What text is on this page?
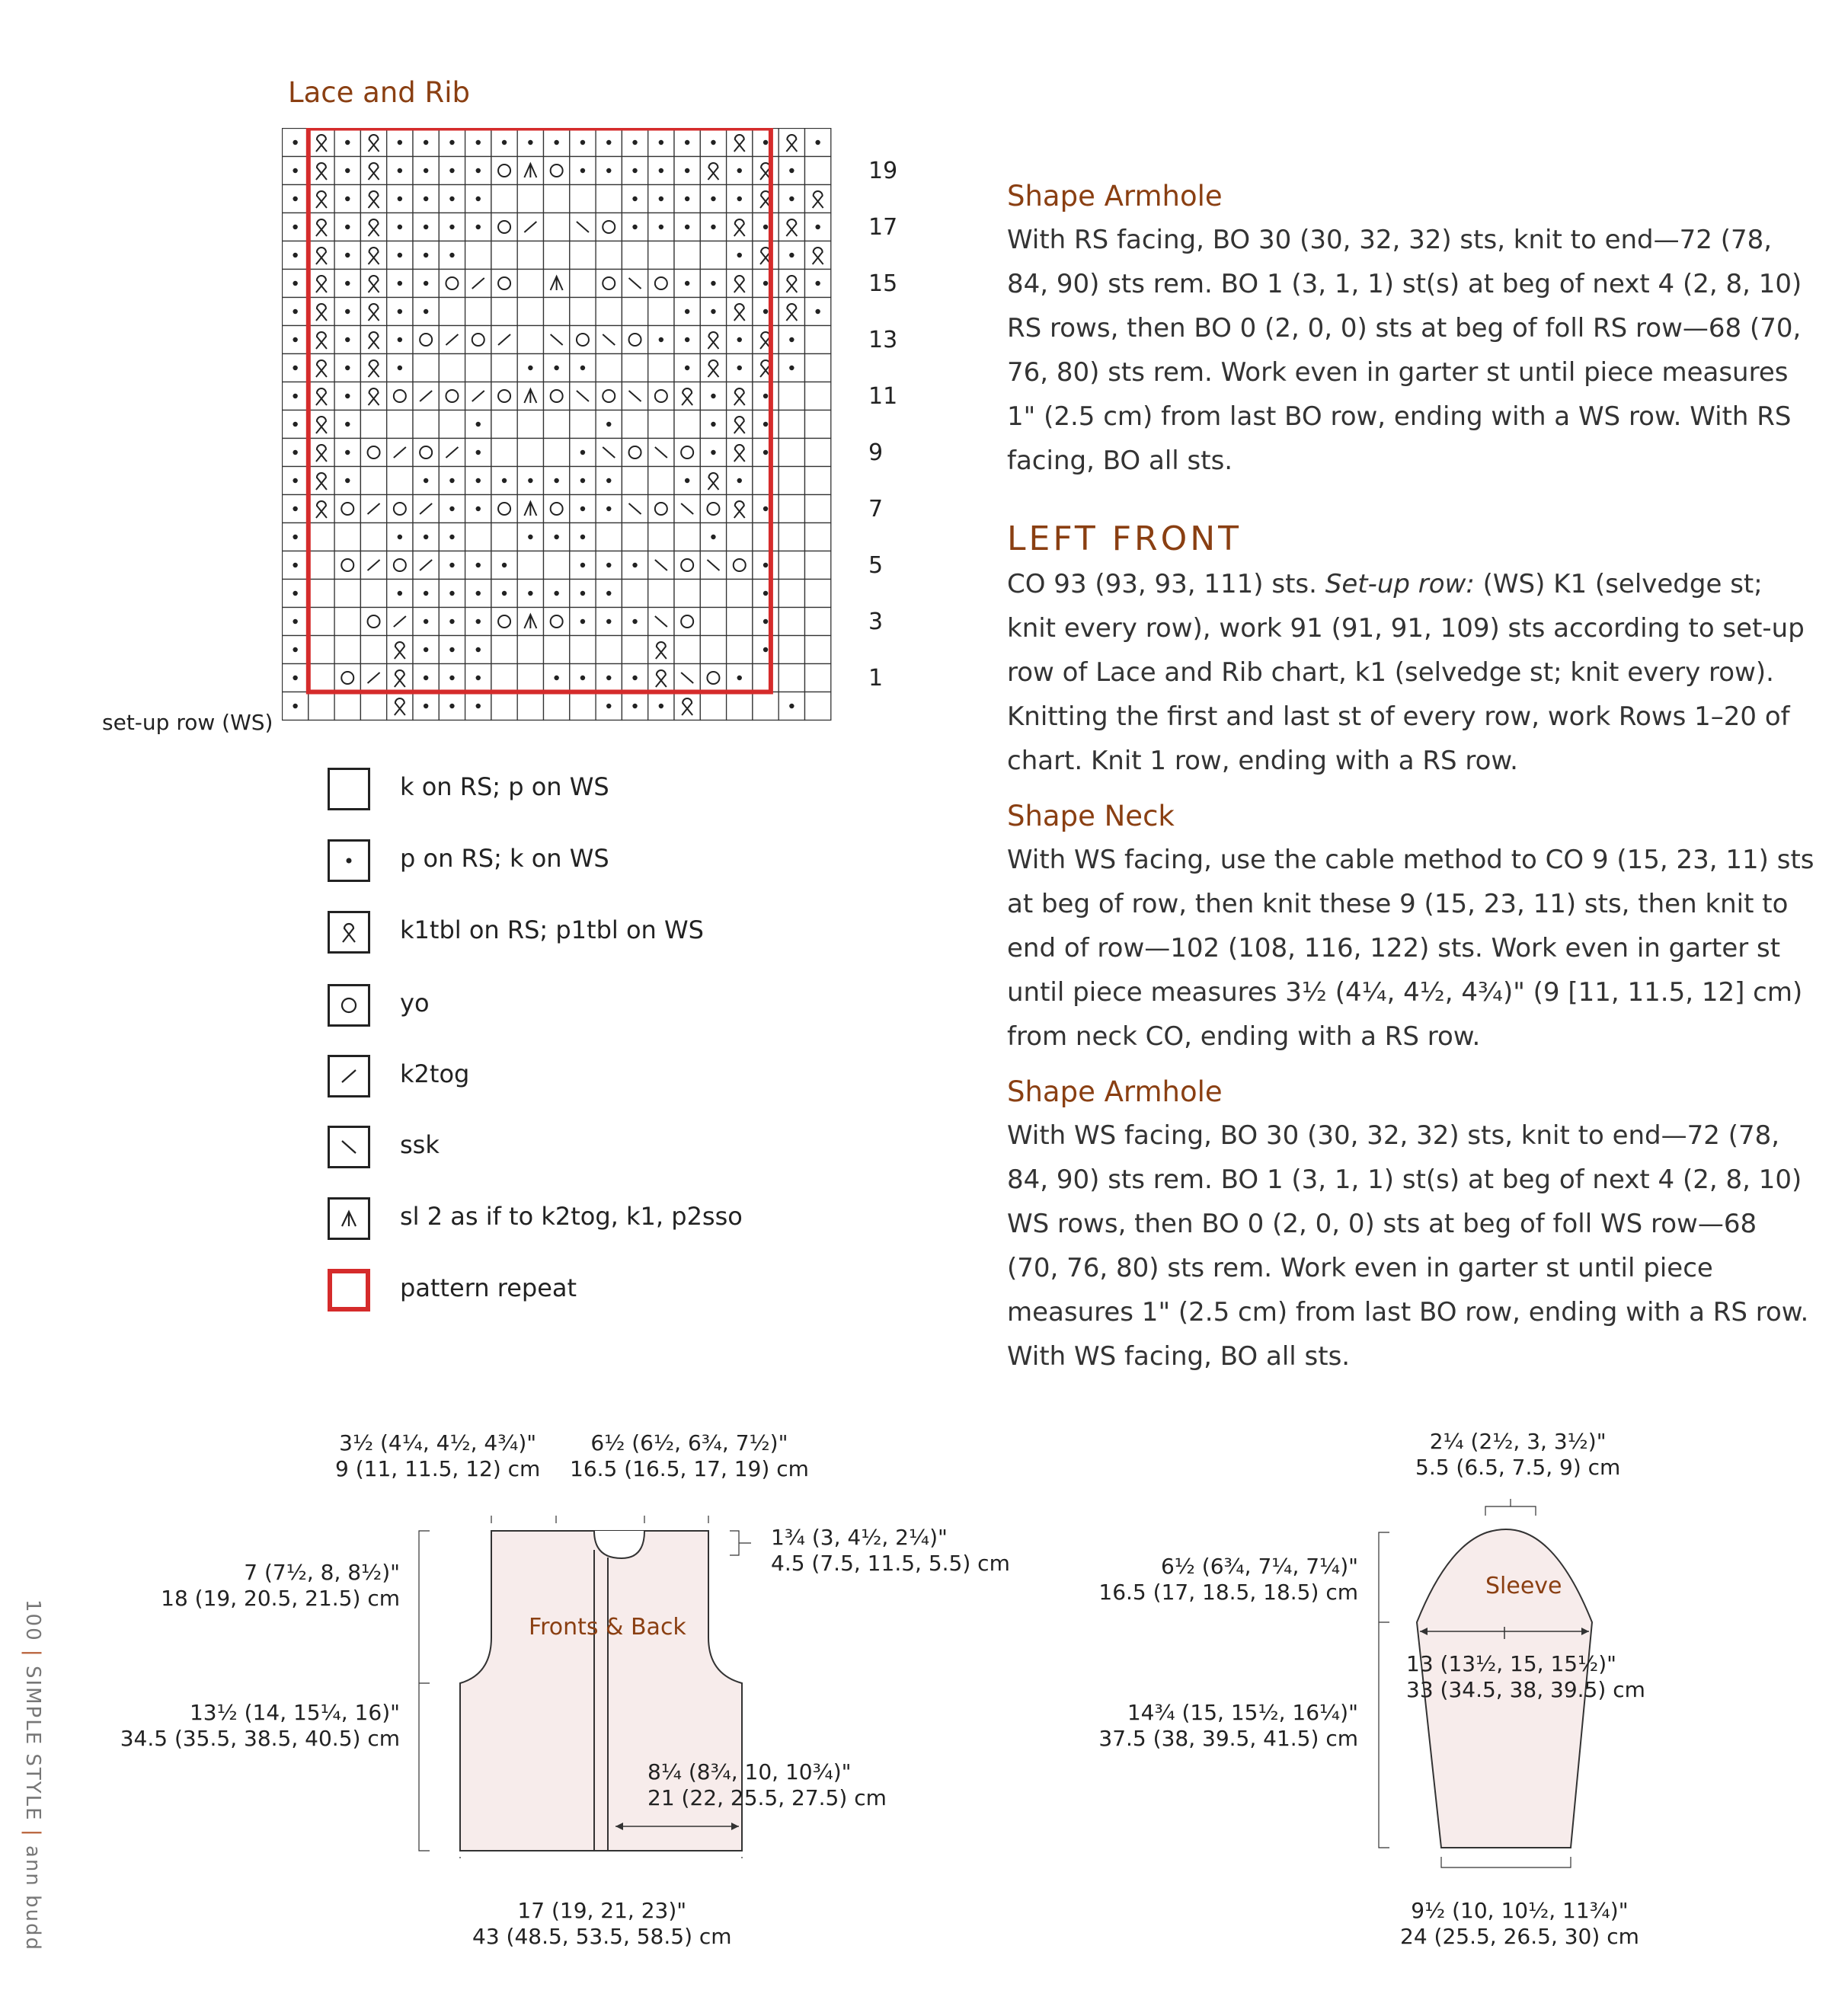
Lace and Rib
set-up row (WS)
19
17
15
13
11
9
7
5
3
1
k on RS; p on WS
p on RS; k on WS
k1tbl on RS; p1tbl on WS
yo
k2tog
ssk
sl 2 as if to k2tog, k1, p2sso
pattern repeat
Shape Armhole

With RS facing, BO 30 (30, 32, 32) sts, knit to end—72 (78, 84, 90) sts rem. BO 1 (3, 1, 1) st(s) at beg of next 4 (2, 8, 10) RS rows, then BO 0 (2, 0, 0) sts at beg of foll RS row—68 (70, 76, 80) sts rem. Work even in garter st until piece measures 1" (2.5 cm) from last BO row, ending with a WS row. With RS facing, BO all sts.

LEFT FRONT

CO 93 (93, 93, 111) sts. Set-up row: (WS) K1 (selvedge st; knit every row), work 91 (91, 91, 109) sts according to set-up row of Lace and Rib chart, k1 (selvedge st; knit every row). Knitting the first and last st of every row, work Rows 1–20 of chart. Knit 1 row, ending with a RS row.

Shape Neck

With WS facing, use the cable method to CO 9 (15, 23, 11) sts at beg of row, then knit these 9 (15, 23, 11) sts, then knit to end of row—102 (108, 116, 122) sts. Work even in garter st until piece measures 3½ (4¼, 4½, 4¾)" (9 [11, 11.5, 12] cm) from neck CO, ending with a RS row.

Shape Armhole

With WS facing, BO 30 (30, 32, 32) sts, knit to end—72 (78, 84, 90) sts rem. BO 1 (3, 1, 1) st(s) at beg of next 4 (2, 8, 10) WS rows, then BO 0 (2, 0, 0) sts at beg of foll WS row—68 (70, 76, 80) sts rem. Work even in garter st until piece measures 1" (2.5 cm) from last BO row, ending with a RS row. With WS facing, BO all sts.

Fronts & Back
3½ (4¼, 4½, 4¾)"
9 (11, 11.5, 12) cm
6½ (6½, 6¾, 7½)"
16.5 (16.5, 17, 19) cm
1¾ (3, 4½, 2¼)"
4.5 (7.5, 11.5, 5.5) cm
7 (7½, 8, 8½)"
18 (19, 20.5, 21.5) cm
13½ (14, 15¼, 16)"
34.5 (35.5, 38.5, 40.5) cm
8¼ (8¾, 10, 10¾)"
21 (22, 25.5, 27.5) cm
17 (19, 21, 23)"
43 (48.5, 53.5, 58.5) cm
Sleeve
2¼ (2½, 3, 3½)"
5.5 (6.5, 7.5, 9) cm
6½ (6¾, 7¼, 7¼)"
16.5 (17, 18.5, 18.5) cm
13 (13½, 15, 15½)"
33 (34.5, 38, 39.5) cm
14¾ (15, 15½, 16¼)"
37.5 (38, 39.5, 41.5) cm
9½ (10, 10½, 11¾)"
24 (25.5, 26.5, 30) cm
100 | SIMPLE STYLE | ann budd
